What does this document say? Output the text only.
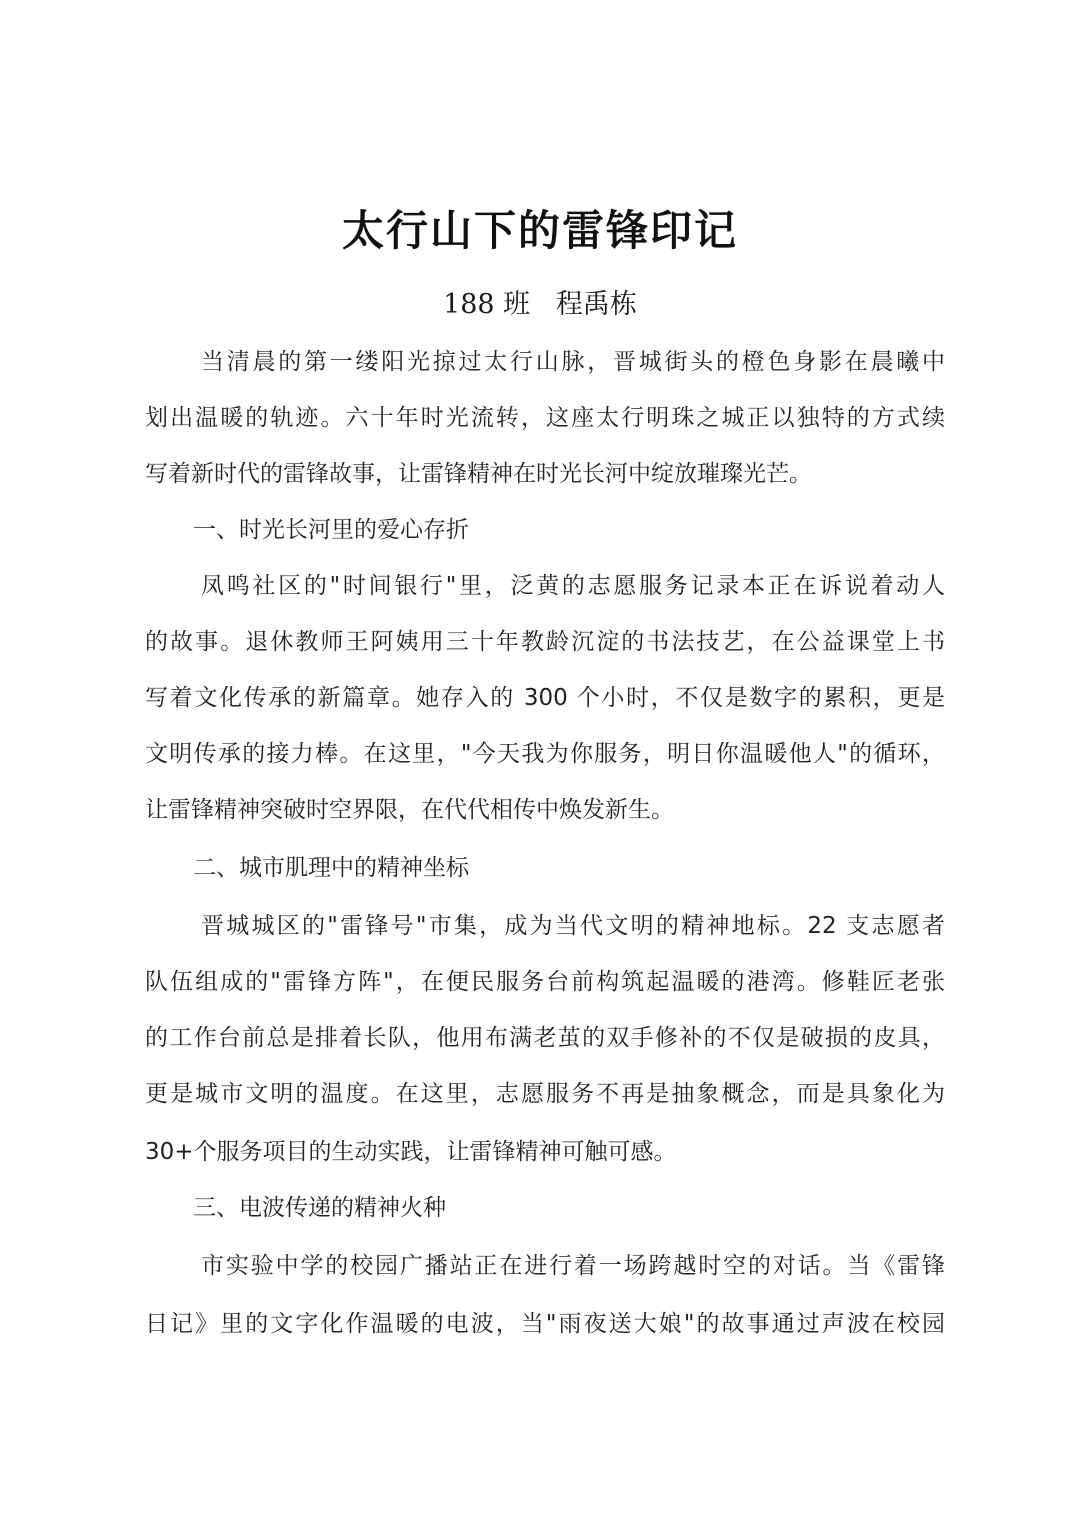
太行山下的雷锋印记
188 班   程禹栋
当清晨的第一缕阳光掠过太行山脉，晋城街头的橙色身影在晨曦中
划出温暖的轨迹。六十年时光流转，这座太行明珠之城正以独特的方式续
写着新时代的雷锋故事，让雷锋精神在时光长河中绽放璀璨光芒。
一、时光长河里的爱心存折
凤鸣社区的"时间银行"里，泛黄的志愿服务记录本正在诉说着动人
的故事。退休教师王阿姨用三十年教龄沉淀的书法技艺，在公益课堂上书
写着文化传承的新篇章。她存入的 300 个小时，不仅是数字的累积，更是
文明传承的接力棒。在这里，"今天我为你服务，明日你温暖他人"的循环，
让雷锋精神突破时空界限，在代代相传中焕发新生。
二、城市肌理中的精神坐标
晋城城区的"雷锋号"市集，成为当代文明的精神地标。22 支志愿者
队伍组成的"雷锋方阵"，在便民服务台前构筑起温暖的港湾。修鞋匠老张
的工作台前总是排着长队，他用布满老茧的双手修补的不仅是破损的皮具，
更是城市文明的温度。在这里，志愿服务不再是抽象概念，而是具象化为
30+个服务项目的生动实践，让雷锋精神可触可感。
三、电波传递的精神火种
市实验中学的校园广播站正在进行着一场跨越时空的对话。当《雷锋
日记》里的文字化作温暖的电波，当"雨夜送大娘"的故事通过声波在校园
